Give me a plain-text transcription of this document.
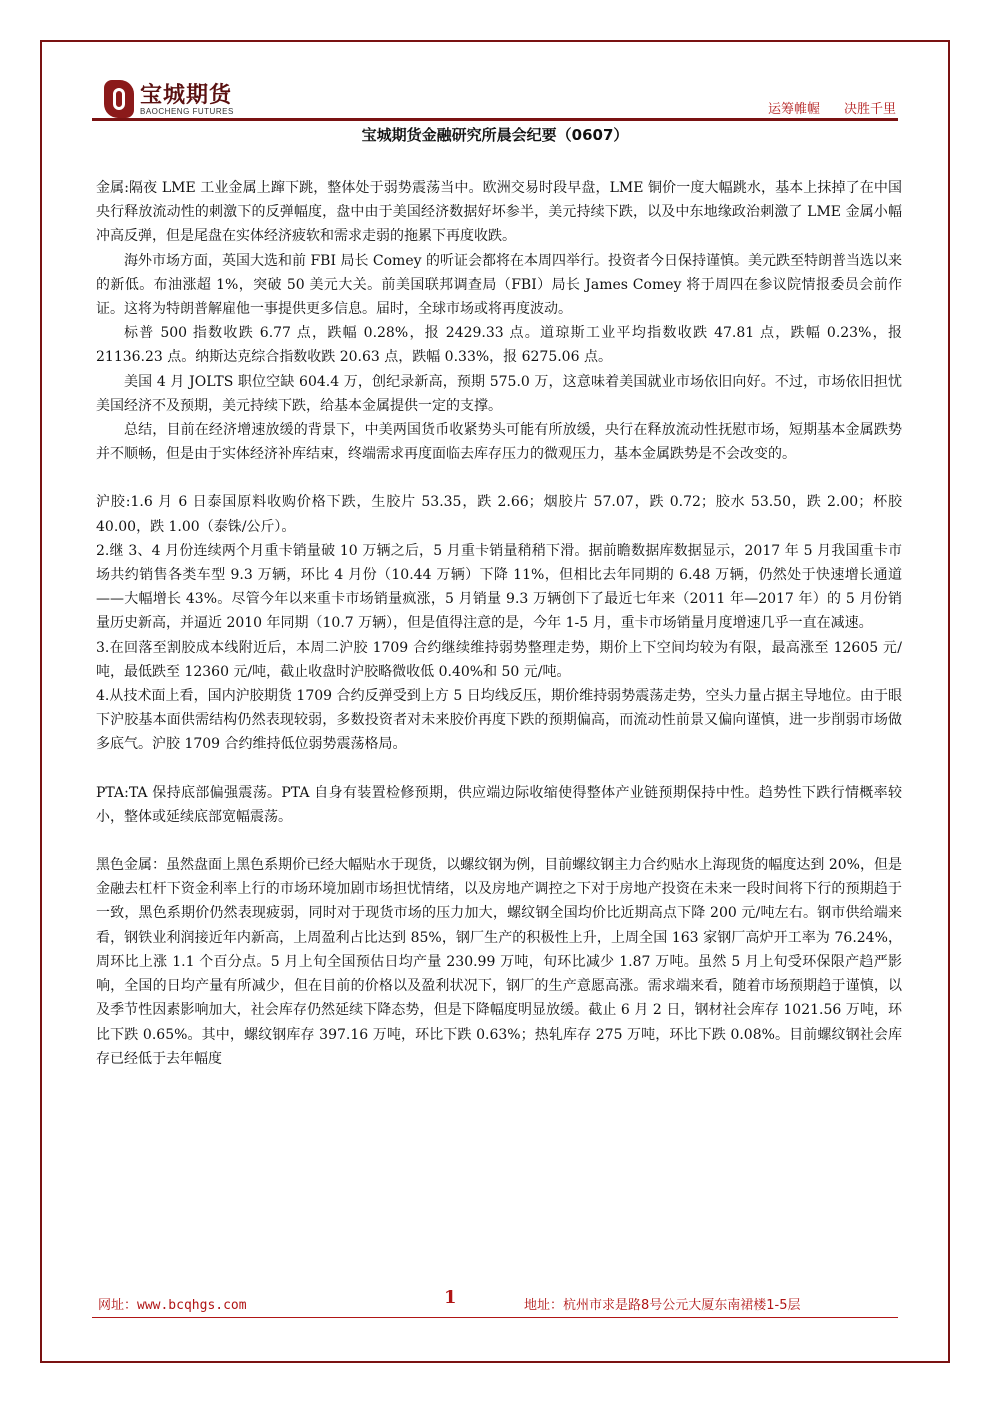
宝城期货
BAOCHENG FUTURES	运筹帷幄 决胜千里
宝城期货金融研究所晨会纪要（0607）

金属:隔夜 LME 工业金属上蹿下跳，整体处于弱势震荡当中。欧洲交易时段早盘，LME 铜价一度大幅跳水，基本上抹掉了在中国央行释放流动性的刺激下的反弹幅度，盘中由于美国经济数据好坏参半，美元持续下跌，以及中东地缘政治刺激了 LME 金属小幅冲高反弹，但是尾盘在实体经济疲软和需求走弱的拖累下再度收跌。

海外市场方面，英国大选和前 FBI 局长 Comey 的听证会都将在本周四举行。投资者今日保持谨慎。美元跌至特朗普当选以来的新低。布油涨超 1%，突破 50 美元大关。前美国联邦调查局（FBI）局长 James Comey 将于周四在参议院情报委员会前作证。这将为特朗普解雇他一事提供更多信息。届时，全球市场或将再度波动。

标普 500 指数收跌 6.77 点，跌幅 0.28%，报 2429.33 点。道琼斯工业平均指数收跌 47.81 点，跌幅 0.23%，报 21136.23 点。纳斯达克综合指数收跌 20.63 点，跌幅 0.33%，报 6275.06 点。

美国 4 月 JOLTS 职位空缺 604.4 万，创纪录新高，预期 575.0 万，这意味着美国就业市场依旧向好。不过，市场依旧担忧美国经济不及预期，美元持续下跌，给基本金属提供一定的支撑。

总结，目前在经济增速放缓的背景下，中美两国货币收紧势头可能有所放缓，央行在释放流动性抚慰市场，短期基本金属跌势并不顺畅，但是由于实体经济补库结束，终端需求再度面临去库存压力的微观压力，基本金属跌势是不会改变的。

沪胶:1.6 月 6 日泰国原料收购价格下跌，生胶片 53.35，跌 2.66；烟胶片 57.07，跌 0.72；胶水 53.50，跌 2.00；杯胶 40.00，跌 1.00（泰铢/公斤）。

2.继 3、4 月份连续两个月重卡销量破 10 万辆之后，5 月重卡销量稍稍下滑。据前瞻数据库数据显示，2017 年 5 月我国重卡市场共约销售各类车型 9.3 万辆，环比 4 月份（10.44 万辆）下降 11%，但相比去年同期的 6.48 万辆，仍然处于快速增长通道——大幅增长 43%。尽管今年以来重卡市场销量疯涨，5 月销量 9.3 万辆创下了最近七年来（2011 年—2017 年）的 5 月份销量历史新高，并逼近 2010 年同期（10.7 万辆），但是值得注意的是，今年 1-5 月，重卡市场销量月度增速几乎一直在减速。

3.在回落至割胶成本线附近后，本周二沪胶 1709 合约继续维持弱势整理走势，期价上下空间均较为有限，最高涨至 12605 元/吨，最低跌至 12360 元/吨，截止收盘时沪胶略微收低 0.40%和 50 元/吨。

4.从技术面上看，国内沪胶期货 1709 合约反弹受到上方 5 日均线反压，期价维持弱势震荡走势，空头力量占据主导地位。由于眼下沪胶基本面供需结构仍然表现较弱，多数投资者对未来胶价再度下跌的预期偏高，而流动性前景又偏向谨慎，进一步削弱市场做多底气。沪胶 1709 合约维持低位弱势震荡格局。

PTA:TA 保持底部偏强震荡。PTA 自身有装置检修预期，供应端边际收缩使得整体产业链预期保持中性。趋势性下跌行情概率较小，整体或延续底部宽幅震荡。

黑色金属：虽然盘面上黑色系期价已经大幅贴水于现货，以螺纹钢为例，目前螺纹钢主力合约贴水上海现货的幅度达到 20%，但是金融去杠杆下资金利率上行的市场环境加剧市场担忧情绪，以及房地产调控之下对于房地产投资在未来一段时间将下行的预期趋于一致，黑色系期价仍然表现疲弱，同时对于现货市场的压力加大，螺纹钢全国均价比近期高点下降 200 元/吨左右。钢市供给端来看，钢铁业利润接近年内新高，上周盈利占比达到 85%，钢厂生产的积极性上升，上周全国 163 家钢厂高炉开工率为 76.24%，周环比上涨 1.1 个百分点。5 月上旬全国预估日均产量 230.99 万吨，旬环比减少 1.87 万吨。虽然 5 月上旬受环保限产趋严影响，全国的日均产量有所减少，但在目前的价格以及盈利状况下，钢厂的生产意愿高涨。需求端来看，随着市场预期趋于谨慎，以及季节性因素影响加大，社会库存仍然延续下降态势，但是下降幅度明显放缓。截止 6 月 2 日，钢材社会库存 1021.56 万吨，环比下跌 0.65%。其中，螺纹钢库存 397.16 万吨，环比下跌 0.63%；热轧库存 275 万吨，环比下跌 0.08%。目前螺纹钢社会库存已经低于去年幅度

网址：www.bcqhgs.com	1	地址：杭州市求是路8号公元大厦东南裙楼1-5层
